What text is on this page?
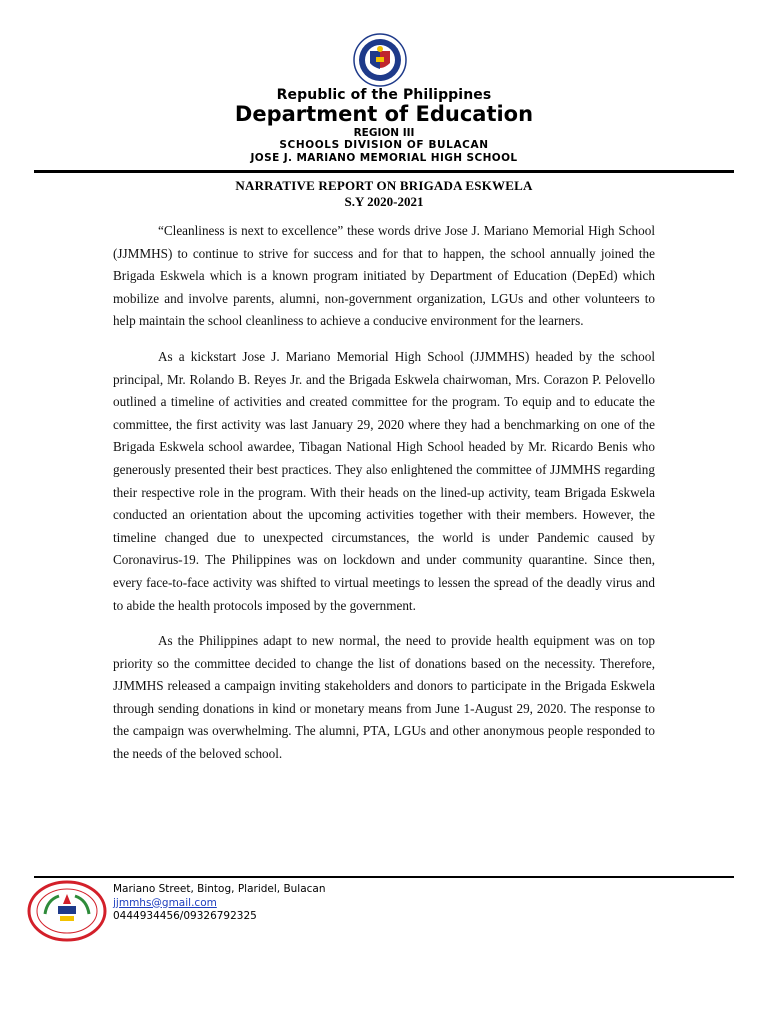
Republic of the Philippines
Department of Education
REGION III
SCHOOLS DIVISION OF BULACAN
JOSE J. MARIANO MEMORIAL HIGH SCHOOL
NARRATIVE REPORT ON BRIGADA ESKWELA
S.Y 2020-2021

“Cleanliness is next to excellence” these words drive Jose J. Mariano Memorial High School (JJMMHS) to continue to strive for success and for that to happen, the school annually joined the Brigada Eskwela which is a known program initiated by Department of Education (DepEd) which mobilize and involve parents, alumni, non-government organization, LGUs and other volunteers to help maintain the school cleanliness to achieve a conducive environment for the learners.

As a kickstart Jose J. Mariano Memorial High School (JJMMHS) headed by the school principal, Mr. Rolando B. Reyes Jr. and the Brigada Eskwela chairwoman, Mrs. Corazon P. Pelovello outlined a timeline of activities and created committee for the program. To equip and to educate the committee, the first activity was last January 29, 2020 where they had a benchmarking on one of the Brigada Eskwela school awardee, Tibagan National High School headed by Mr. Ricardo Benis who generously presented their best practices. They also enlightened the committee of JJMMHS regarding their respective role in the program. With their heads on the lined-up activity, team Brigada Eskwela conducted an orientation about the upcoming activities together with their members. However, the timeline changed due to unexpected circumstances, the world is under Pandemic caused by Coronavirus-19. The Philippines was on lockdown and under community quarantine. Since then, every face-to-face activity was shifted to virtual meetings to lessen the spread of the deadly virus and to abide the health protocols imposed by the government.

As the Philippines adapt to new normal, the need to provide health equipment was on top priority so the committee decided to change the list of donations based on the necessity. Therefore, JJMMHS released a campaign inviting stakeholders and donors to participate in the Brigada Eskwela through sending donations in kind or monetary means from June 1-August 29, 2020. The response to the campaign was overwhelming. The alumni, PTA, LGUs and other anonymous people responded to the needs of the beloved school.

Mariano Street, Bintog, Plaridel, Bulacan
jjmmhs@gmail.com
0444934456/09326792325
